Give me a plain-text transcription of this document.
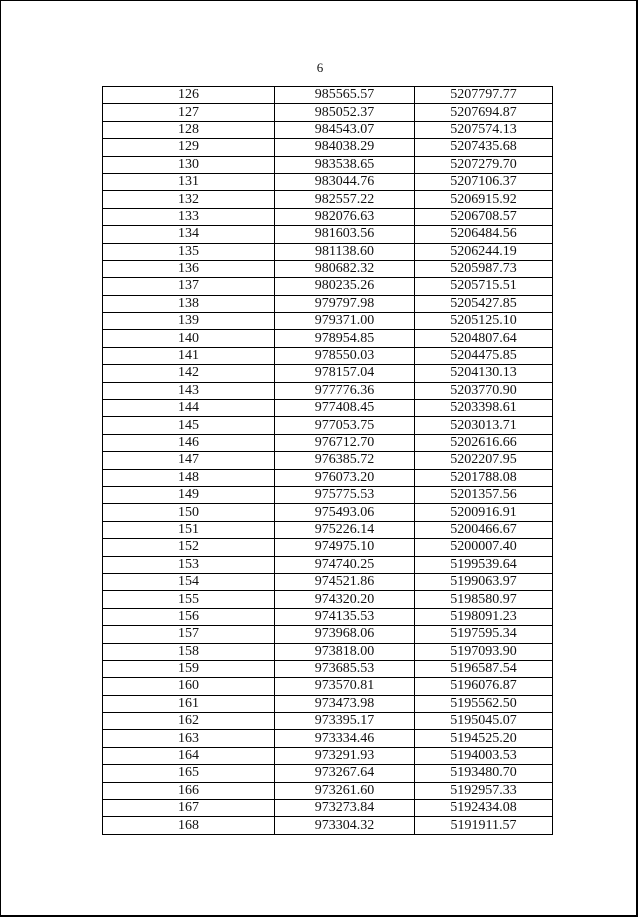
6
126	985565.57	5207797.77
127	985052.37	5207694.87
128	984543.07	5207574.13
129	984038.29	5207435.68
130	983538.65	5207279.70
131	983044.76	5207106.37
132	982557.22	5206915.92
133	982076.63	5206708.57
134	981603.56	5206484.56
135	981138.60	5206244.19
136	980682.32	5205987.73
137	980235.26	5205715.51
138	979797.98	5205427.85
139	979371.00	5205125.10
140	978954.85	5204807.64
141	978550.03	5204475.85
142	978157.04	5204130.13
143	977776.36	5203770.90
144	977408.45	5203398.61
145	977053.75	5203013.71
146	976712.70	5202616.66
147	976385.72	5202207.95
148	976073.20	5201788.08
149	975775.53	5201357.56
150	975493.06	5200916.91
151	975226.14	5200466.67
152	974975.10	5200007.40
153	974740.25	5199539.64
154	974521.86	5199063.97
155	974320.20	5198580.97
156	974135.53	5198091.23
157	973968.06	5197595.34
158	973818.00	5197093.90
159	973685.53	5196587.54
160	973570.81	5196076.87
161	973473.98	5195562.50
162	973395.17	5195045.07
163	973334.46	5194525.20
164	973291.93	5194003.53
165	973267.64	5193480.70
166	973261.60	5192957.33
167	973273.84	5192434.08
168	973304.32	5191911.57
